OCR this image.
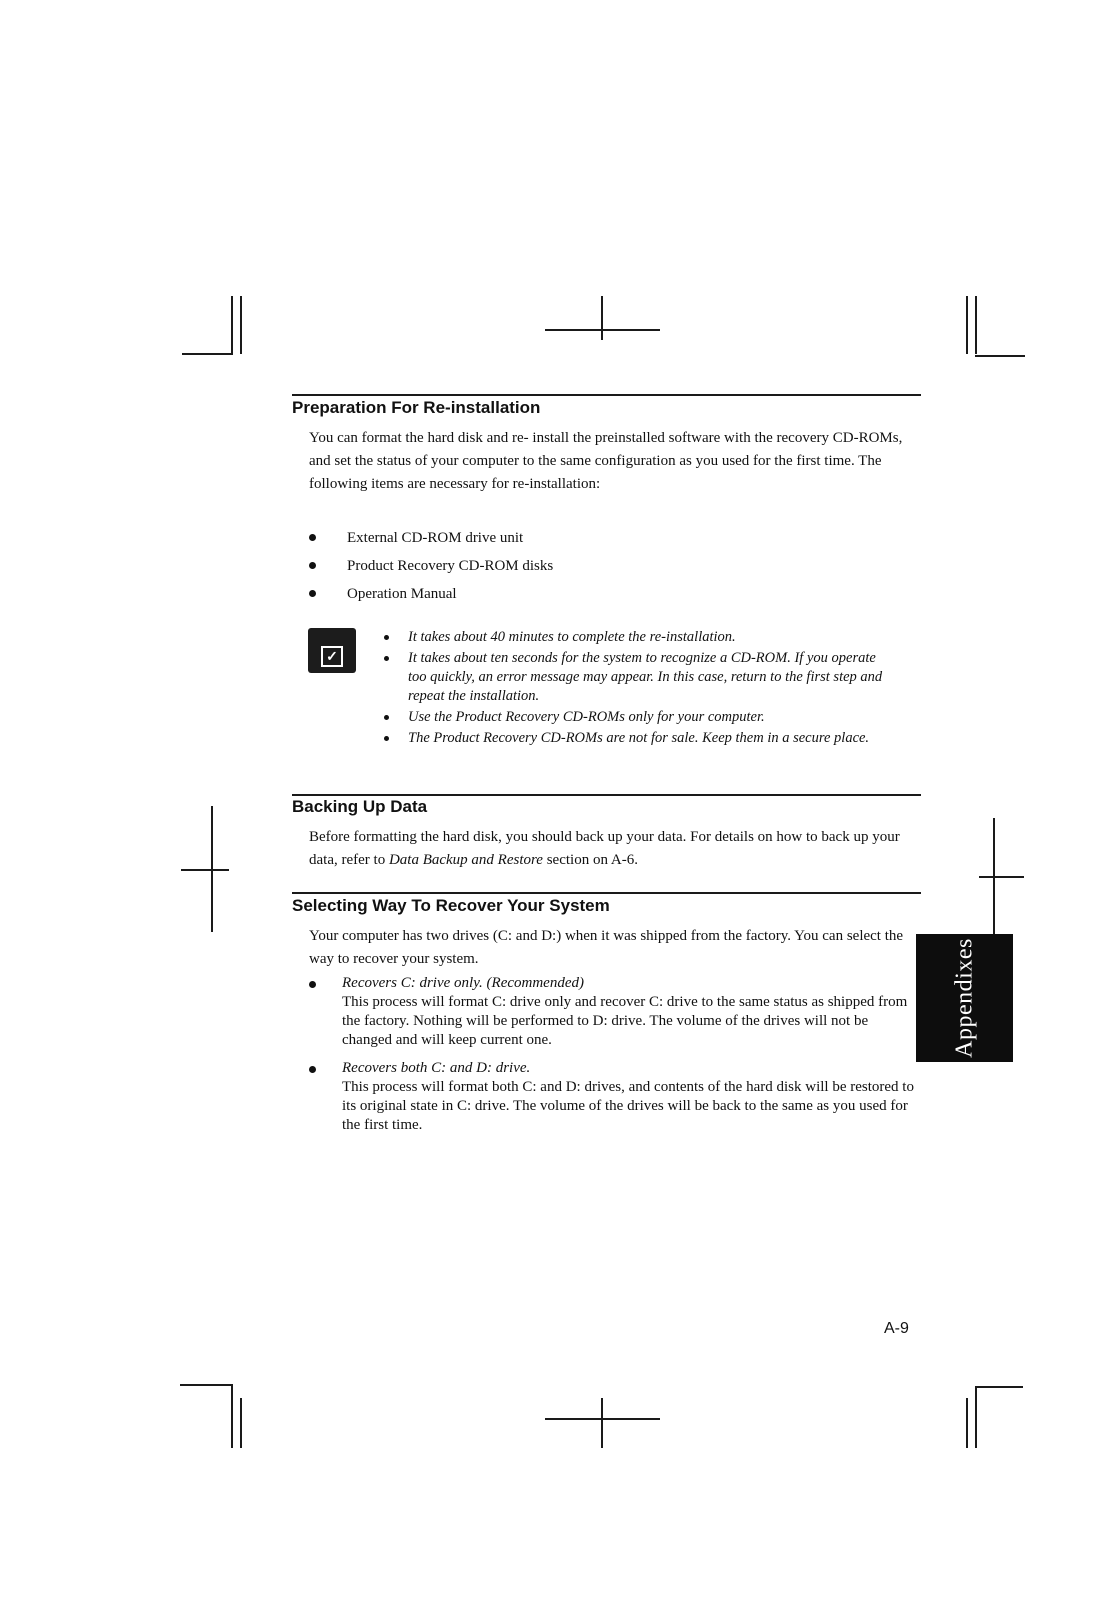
Preparation For Re-installation

You can format the hard disk and re- install the preinstalled software with the recovery CD-ROMs, and set the status of your computer to the same configuration as you used for the first time. The following items are necessary for re-installation:

External CD-ROM drive unit
Product Recovery CD-ROM disks
Operation Manual
✓
It takes about 40 minutes to complete the re-installation.
It takes about ten seconds for the system to recognize a CD-ROM. If you operate too quickly, an error message may appear. In this case, return to the first step and repeat the installation.
Use the Product Recovery CD-ROMs only for your computer.
The Product Recovery CD-ROMs are not for sale. Keep them in a secure place.
Backing Up Data

Before formatting the hard disk, you should back up your data. For details on how to back up your data, refer to Data Backup and Restore section on A-6.

Selecting Way To Recover Your System

Your computer has two drives (C: and D:) when it was shipped from the factory. You can select the way to recover your system.

Recovers C: drive only. (Recommended)
This process will format C: drive only and recover C: drive to the same status as shipped from the factory. Nothing will be performed to D: drive. The volume of the drives will not be changed and will keep current one.
Recovers both C: and D: drive.
This process will format both C: and D: drives, and contents of the hard disk will be restored to its original state in C: drive. The volume of the drives will be back to the same as you used for the first time.
Appendixes
A-9
